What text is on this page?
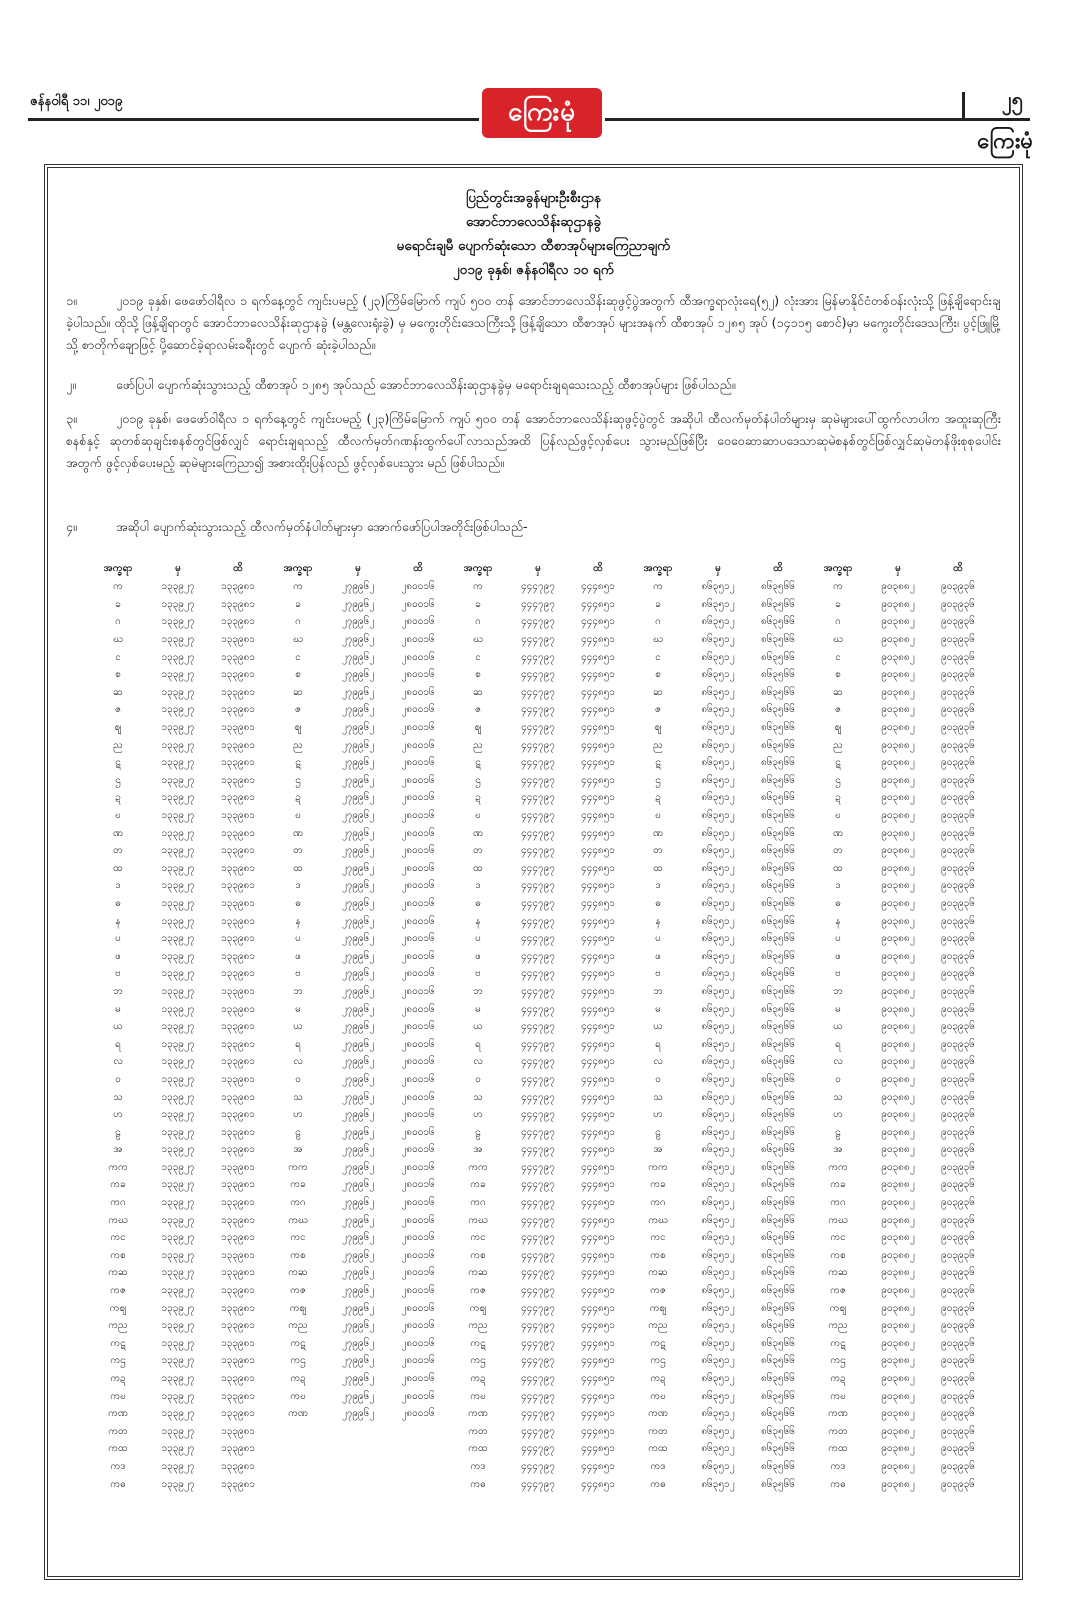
ဇန်နဝါရီ ၁၁၊ ၂၀၁၉	ကြေးမုံ	၂၅
ကြေးမုံ
ပြည်တွင်းအခွန်များဦးစီးဌာန
အောင်ဘာလေသိန်းဆုဌာနခွဲ
မရောင်းချမီ ပျောက်ဆုံးသော ထီစာအုပ်များကြေညာချက်
၂၀၁၉ ခုနှစ်၊ ဇန်နဝါရီလ ၁၀ ရက်
၁။	၂၀၁၉ ခုနှစ်၊ ဖေဖော်ဝါရီလ ၁ ရက်နေ့တွင် ကျင်းပမည့် (၂၃)ကြိမ်မြောက် ကျပ် ၅၀၀ တန် အောင်ဘာလေသိန်းဆုဖွင့်ပွဲအတွက် ထီအက္ခရာလုံးရေ(၅၂) လုံးအား မြန်မာနိုင်ငံတစ်ဝန်းလုံးသို့ ဖြန့်ချိရောင်းချခဲ့ပါသည်။ ထိုသို့ ဖြန့်ချိရာတွင် အောင်ဘာလေသိန်းဆုဌာနခွဲ (မန္တလေးရုံးခွဲ) မှ မကွေးတိုင်းဒေသကြီးသို့ ဖြန့်ချိသော ထီစာအုပ် များအနက် ထီစာအုပ် ၁၂၈၅ အုပ် (၁၄၁၁၅ စောင်)မှာ မကွေးတိုင်းဒေသကြီး၊ ပွင့်ဖြူမြို့သို့ စာတိုက်ချောဖြင့် ပို့ဆောင်ခဲ့ရာလမ်းခရီးတွင် ပျောက် ဆုံးခဲ့ပါသည်။
၂။	ဖော်ပြပါ ပျောက်ဆုံးသွားသည့် ထီစာအုပ် ၁၂၈၅ အုပ်သည် အောင်ဘာလေသိန်းဆုဌာနခွဲမှ မရောင်းချရသေးသည့် ထီစာအုပ်များ ဖြစ်ပါသည်။
၃။	၂၀၁၉ ခုနှစ်၊ ဖေဖော်ဝါရီလ ၁ ရက်နေ့တွင် ကျင်းပမည့် (၂၃)ကြိမ်မြောက် ကျပ် ၅၀၀ တန် အောင်ဘာလေသိန်းဆုဖွင့်ပွဲတွင် အဆိုပါ ထီလက်မှတ်နံပါတ်များမှ ဆုမဲများပေါ်ထွက်လာပါက အထူးဆုကြီးစနစ်နှင့် ဆုတစ်ဆုချင်းစနစ်တွင်ဖြစ်လျှင် ရောင်းချရသည့် ထီလက်မှတ်ဂဏန်းထွက်ပေါ်လာသည်အထိ ပြန်လည်ဖွင့်လှစ်ပေး သွားမည်ဖြစ်ပြီး ဝေဝေဆာဆာပဒေသာဆုမဲစနစ်တွင်ဖြစ်လျှင်ဆုမဲတန်ဖိုးစုစုပေါင်းအတွက် ဖွင့်လှစ်ပေးမည့် ဆုမဲများကြေညာ၍ အစားထိုးပြန်လည် ဖွင့်လှစ်ပေးသွား မည် ဖြစ်ပါသည်။
၄။	အဆိုပါ ပျောက်ဆုံးသွားသည့် ထီလက်မှတ်နံပါတ်များမှာ အောက်ဖော်ပြပါအတိုင်းဖြစ်ပါသည်-
အက္ခရာ	မှ	ထိ	အက္ခရာ	မှ	ထိ	အက္ခရာ	မှ	ထိ	အက္ခရာ	မှ	ထိ	အက္ခရာ	မှ	ထိ
က	၁၃၃၉၂၇	၁၃၃၉၈၁	က	၂၇၉၉၆၂	၂၈၀၀၁၆	က	၄၄၄၇၉၇	၄၄၄၈၅၁	က	၈၆၃၅၁၂	၈၆၃၅၆၆	က	၉၀၃၈၈၂	၉၀၃၉၃၆
ခ	၁၃၃၉၂၇	၁၃၃၉၈၁	ခ	၂၇၉၉၆၂	၂၈၀၀၁၆	ခ	၄၄၄၇၉၇	၄၄၄၈၅၁	ခ	၈၆၃၅၁၂	၈၆၃၅၆၆	ခ	၉၀၃၈၈၂	၉၀၃၉၃၆
ဂ	၁၃၃၉၂၇	၁၃၃၉၈၁	ဂ	၂၇၉၉၆၂	၂၈၀၀၁၆	ဂ	၄၄၄၇၉၇	၄၄၄၈၅၁	ဂ	၈၆၃၅၁၂	၈၆၃၅၆၆	ဂ	၉၀၃၈၈၂	၉၀၃၉၃၆
ဃ	၁၃၃၉၂၇	၁၃၃၉၈၁	ဃ	၂၇၉၉၆၂	၂၈၀၀၁၆	ဃ	၄၄၄၇၉၇	၄၄၄၈၅၁	ဃ	၈၆၃၅၁၂	၈၆၃၅၆၆	ဃ	၉၀၃၈၈၂	၉၀၃၉၃၆
င	၁၃၃၉၂၇	၁၃၃၉၈၁	င	၂၇၉၉၆၂	၂၈၀၀၁၆	င	၄၄၄၇၉၇	၄၄၄၈၅၁	င	၈၆၃၅၁၂	၈၆၃၅၆၆	င	၉၀၃၈၈၂	၉၀၃၉၃၆
စ	၁၃၃၉၂၇	၁၃၃၉၈၁	စ	၂၇၉၉၆၂	၂၈၀၀၁၆	စ	၄၄၄၇၉၇	၄၄၄၈၅၁	စ	၈၆၃၅၁၂	၈၆၃၅၆၆	စ	၉၀၃၈၈၂	၉၀၃၉၃၆
ဆ	၁၃၃၉၂၇	၁၃၃၉၈၁	ဆ	၂၇၉၉၆၂	၂၈၀၀၁၆	ဆ	၄၄၄၇၉၇	၄၄၄၈၅၁	ဆ	၈၆၃၅၁၂	၈၆၃၅၆၆	ဆ	၉၀၃၈၈၂	၉၀၃၉၃၆
ဇ	၁၃၃၉၂၇	၁၃၃၉၈၁	ဇ	၂၇၉၉၆၂	၂၈၀၀၁၆	ဇ	၄၄၄၇၉၇	၄၄၄၈၅၁	ဇ	၈၆၃၅၁၂	၈၆၃၅၆၆	ဇ	၉၀၃၈၈၂	၉၀၃၉၃၆
ဈ	၁၃၃၉၂၇	၁၃၃၉၈၁	ဈ	၂၇၉၉၆၂	၂၈၀၀၁၆	ဈ	၄၄၄၇၉၇	၄၄၄၈၅၁	ဈ	၈၆၃၅၁၂	၈၆၃၅၆၆	ဈ	၉၀၃၈၈၂	၉၀၃၉၃၆
ည	၁၃၃၉၂၇	၁၃၃၉၈၁	ည	၂၇၉၉၆၂	၂၈၀၀၁၆	ည	၄၄၄၇၉၇	၄၄၄၈၅၁	ည	၈၆၃၅၁၂	၈၆၃၅၆၆	ည	၉၀၃၈၈၂	၉၀၃၉၃၆
ဋ	၁၃၃၉၂၇	၁၃၃၉၈၁	ဋ	၂၇၉၉၆၂	၂၈၀၀၁၆	ဋ	၄၄၄၇၉၇	၄၄၄၈၅၁	ဋ	၈၆၃၅၁၂	၈၆၃၅၆၆	ဋ	၉၀၃၈၈၂	၉၀၃၉၃၆
ဌ	၁၃၃၉၂၇	၁၃၃၉၈၁	ဌ	၂၇၉၉၆၂	၂၈၀၀၁၆	ဌ	၄၄၄၇၉၇	၄၄၄၈၅၁	ဌ	၈၆၃၅၁၂	၈၆၃၅၆၆	ဌ	၉၀၃၈၈၂	၉၀၃၉၃၆
ဍ	၁၃၃၉၂၇	၁၃၃၉၈၁	ဍ	၂၇၉၉၆၂	၂၈၀၀၁၆	ဍ	၄၄၄၇၉၇	၄၄၄၈၅၁	ဍ	၈၆၃၅၁၂	၈၆၃၅၆၆	ဍ	၉၀၃၈၈၂	၉၀၃၉၃၆
ဎ	၁၃၃၉၂၇	၁၃၃၉၈၁	ဎ	၂၇၉၉၆၂	၂၈၀၀၁၆	ဎ	၄၄၄၇၉၇	၄၄၄၈၅၁	ဎ	၈၆၃၅၁၂	၈၆၃၅၆၆	ဎ	၉၀၃၈၈၂	၉၀၃၉၃၆
ဏ	၁၃၃၉၂၇	၁၃၃၉၈၁	ဏ	၂၇၉၉၆၂	၂၈၀၀၁၆	ဏ	၄၄၄၇၉၇	၄၄၄၈၅၁	ဏ	၈၆၃၅၁၂	၈၆၃၅၆၆	ဏ	၉၀၃၈၈၂	၉၀၃၉၃၆
တ	၁၃၃၉၂၇	၁၃၃၉၈၁	တ	၂၇၉၉၆၂	၂၈၀၀၁၆	တ	၄၄၄၇၉၇	၄၄၄၈၅၁	တ	၈၆၃၅၁၂	၈၆၃၅၆၆	တ	၉၀၃၈၈၂	၉၀၃၉၃၆
ထ	၁၃၃၉၂၇	၁၃၃၉၈၁	ထ	၂၇၉၉၆၂	၂၈၀၀၁၆	ထ	၄၄၄၇၉၇	၄၄၄၈၅၁	ထ	၈၆၃၅၁၂	၈၆၃၅၆၆	ထ	၉၀၃၈၈၂	၉၀၃၉၃၆
ဒ	၁၃၃၉၂၇	၁၃၃၉၈၁	ဒ	၂၇၉၉၆၂	၂၈၀၀၁၆	ဒ	၄၄၄၇၉၇	၄၄၄၈၅၁	ဒ	၈၆၃၅၁၂	၈၆၃၅၆၆	ဒ	၉၀၃၈၈၂	၉၀၃၉၃၆
ဓ	၁၃၃၉၂၇	၁၃၃၉၈၁	ဓ	၂၇၉၉၆၂	၂၈၀၀၁၆	ဓ	၄၄၄၇၉၇	၄၄၄၈၅၁	ဓ	၈၆၃၅၁၂	၈၆၃၅၆၆	ဓ	၉၀၃၈၈၂	၉၀၃၉၃၆
န	၁၃၃၉၂၇	၁၃၃၉၈၁	န	၂၇၉၉၆၂	၂၈၀၀၁၆	န	၄၄၄၇၉၇	၄၄၄၈၅၁	န	၈၆၃၅၁၂	၈၆၃၅၆၆	န	၉၀၃၈၈၂	၉၀၃၉၃၆
ပ	၁၃၃၉၂၇	၁၃၃၉၈၁	ပ	၂၇၉၉၆၂	၂၈၀၀၁၆	ပ	၄၄၄၇၉၇	၄၄၄၈၅၁	ပ	၈၆၃၅၁၂	၈၆၃၅၆၆	ပ	၉၀၃၈၈၂	၉၀၃၉၃၆
ဖ	၁၃၃၉၂၇	၁၃၃၉၈၁	ဖ	၂၇၉၉၆၂	၂၈၀၀၁၆	ဖ	၄၄၄၇၉၇	၄၄၄၈၅၁	ဖ	၈၆၃၅၁၂	၈၆၃၅၆၆	ဖ	၉၀၃၈၈၂	၉၀၃၉၃၆
ဗ	၁၃၃၉၂၇	၁၃၃၉၈၁	ဗ	၂၇၉၉၆၂	၂၈၀၀၁၆	ဗ	၄၄၄၇၉၇	၄၄၄၈၅၁	ဗ	၈၆၃၅၁၂	၈၆၃၅၆၆	ဗ	၉၀၃၈၈၂	၉၀၃၉၃၆
ဘ	၁၃၃၉၂၇	၁၃၃၉၈၁	ဘ	၂၇၉၉၆၂	၂၈၀၀၁၆	ဘ	၄၄၄၇၉၇	၄၄၄၈၅၁	ဘ	၈၆၃၅၁၂	၈၆၃၅၆၆	ဘ	၉၀၃၈၈၂	၉၀၃၉၃၆
မ	၁၃၃၉၂၇	၁၃၃၉၈၁	မ	၂၇၉၉၆၂	၂၈၀၀၁၆	မ	၄၄၄၇၉၇	၄၄၄၈၅၁	မ	၈၆၃၅၁၂	၈၆၃၅၆၆	မ	၉၀၃၈၈၂	၉၀၃၉၃၆
ယ	၁၃၃၉၂၇	၁၃၃၉၈၁	ယ	၂၇၉၉၆၂	၂၈၀၀၁၆	ယ	၄၄၄၇၉၇	၄၄၄၈၅၁	ယ	၈၆၃၅၁၂	၈၆၃၅၆၆	ယ	၉၀၃၈၈၂	၉၀၃၉၃၆
ရ	၁၃၃၉၂၇	၁၃၃၉၈၁	ရ	၂၇၉၉၆၂	၂၈၀၀၁၆	ရ	၄၄၄၇၉၇	၄၄၄၈၅၁	ရ	၈၆၃၅၁၂	၈၆၃၅၆၆	ရ	၉၀၃၈၈၂	၉၀၃၉၃၆
လ	၁၃၃၉၂၇	၁၃၃၉၈၁	လ	၂၇၉၉၆၂	၂၈၀၀၁၆	လ	၄၄၄၇၉၇	၄၄၄၈၅၁	လ	၈၆၃၅၁၂	၈၆၃၅၆၆	လ	၉၀၃၈၈၂	၉၀၃၉၃၆
ဝ	၁၃၃၉၂၇	၁၃၃၉၈၁	ဝ	၂၇၉၉၆၂	၂၈၀၀၁၆	ဝ	၄၄၄၇၉၇	၄၄၄၈၅၁	ဝ	၈၆၃၅၁၂	၈၆၃၅၆၆	ဝ	၉၀၃၈၈၂	၉၀၃၉၃၆
သ	၁၃၃၉၂၇	၁၃၃၉၈၁	သ	၂၇၉၉၆၂	၂၈၀၀၁၆	သ	၄၄၄၇၉၇	၄၄၄၈၅၁	သ	၈၆၃၅၁၂	၈၆၃၅၆၆	သ	၉၀၃၈၈၂	၉၀၃၉၃၆
ဟ	၁၃၃၉၂၇	၁၃၃၉၈၁	ဟ	၂၇၉၉၆၂	၂၈၀၀၁၆	ဟ	၄၄၄၇၉၇	၄၄၄၈၅၁	ဟ	၈၆၃၅၁၂	၈၆၃၅၆၆	ဟ	၉၀၃၈၈၂	၉၀၃၉၃၆
ဠ	၁၃၃၉၂၇	၁၃၃၉၈၁	ဠ	၂၇၉၉၆၂	၂၈၀၀၁၆	ဠ	၄၄၄၇၉၇	၄၄၄၈၅၁	ဠ	၈၆၃၅၁၂	၈၆၃၅၆၆	ဠ	၉၀၃၈၈၂	၉၀၃၉၃၆
အ	၁၃၃၉၂၇	၁၃၃၉၈၁	အ	၂၇၉၉၆၂	၂၈၀၀၁၆	အ	၄၄၄၇၉၇	၄၄၄၈၅၁	အ	၈၆၃၅၁၂	၈၆၃၅၆၆	အ	၉၀၃၈၈၂	၉၀၃၉၃၆
ကက	၁၃၃၉၂၇	၁၃၃၉၈၁	ကက	၂၇၉၉၆၂	၂၈၀၀၁၆	ကက	၄၄၄၇၉၇	၄၄၄၈၅၁	ကက	၈၆၃၅၁၂	၈၆၃၅၆၆	ကက	၉၀၃၈၈၂	၉၀၃၉၃၆
ကခ	၁၃၃၉၂၇	၁၃၃၉၈၁	ကခ	၂၇၉၉၆၂	၂၈၀၀၁၆	ကခ	၄၄၄၇၉၇	၄၄၄၈၅၁	ကခ	၈၆၃၅၁၂	၈၆၃၅၆၆	ကခ	၉၀၃၈၈၂	၉၀၃၉၃၆
ကဂ	၁၃၃၉၂၇	၁၃၃၉၈၁	ကဂ	၂၇၉၉၆၂	၂၈၀၀၁၆	ကဂ	၄၄၄၇၉၇	၄၄၄၈၅၁	ကဂ	၈၆၃၅၁၂	၈၆၃၅၆၆	ကဂ	၉၀၃၈၈၂	၉၀၃၉၃၆
ကဃ	၁၃၃၉၂၇	၁၃၃၉၈၁	ကဃ	၂၇၉၉၆၂	၂၈၀၀၁၆	ကဃ	၄၄၄၇၉၇	၄၄၄၈၅၁	ကဃ	၈၆၃၅၁၂	၈၆၃၅၆၆	ကဃ	၉၀၃၈၈၂	၉၀၃၉၃၆
ကင	၁၃၃၉၂၇	၁၃၃၉၈၁	ကင	၂၇၉၉၆၂	၂၈၀၀၁၆	ကင	၄၄၄၇၉၇	၄၄၄၈၅၁	ကင	၈၆၃၅၁၂	၈၆၃၅၆၆	ကင	၉၀၃၈၈၂	၉၀၃၉၃၆
ကစ	၁၃၃၉၂၇	၁၃၃၉၈၁	ကစ	၂၇၉၉၆၂	၂၈၀၀၁၆	ကစ	၄၄၄၇၉၇	၄၄၄၈၅၁	ကစ	၈၆၃၅၁၂	၈၆၃၅၆၆	ကစ	၉၀၃၈၈၂	၉၀၃၉၃၆
ကဆ	၁၃၃၉၂၇	၁၃၃၉၈၁	ကဆ	၂၇၉၉၆၂	၂၈၀၀၁၆	ကဆ	၄၄၄၇၉၇	၄၄၄၈၅၁	ကဆ	၈၆၃၅၁၂	၈၆၃၅၆၆	ကဆ	၉၀၃၈၈၂	၉၀၃၉၃၆
ကဇ	၁၃၃၉၂၇	၁၃၃၉၈၁	ကဇ	၂၇၉၉၆၂	၂၈၀၀၁၆	ကဇ	၄၄၄၇၉၇	၄၄၄၈၅၁	ကဇ	၈၆၃၅၁၂	၈၆၃၅၆၆	ကဇ	၉၀၃၈၈၂	၉၀၃၉၃၆
ကဈ	၁၃၃၉၂၇	၁၃၃၉၈၁	ကဈ	၂၇၉၉၆၂	၂၈၀၀၁၆	ကဈ	၄၄၄၇၉၇	၄၄၄၈၅၁	ကဈ	၈၆၃၅၁၂	၈၆၃၅၆၆	ကဈ	၉၀၃၈၈၂	၉၀၃၉၃၆
ကည	၁၃၃၉၂၇	၁၃၃၉၈၁	ကည	၂၇၉၉၆၂	၂၈၀၀၁၆	ကည	၄၄၄၇၉၇	၄၄၄၈၅၁	ကည	၈၆၃၅၁၂	၈၆၃၅၆၆	ကည	၉၀၃၈၈၂	၉၀၃၉၃၆
ကဋ	၁၃၃၉၂၇	၁၃၃၉၈၁	ကဋ	၂၇၉၉၆၂	၂၈၀၀၁၆	ကဋ	၄၄၄၇၉၇	၄၄၄၈၅၁	ကဋ	၈၆၃၅၁၂	၈၆၃၅၆၆	ကဋ	၉၀၃၈၈၂	၉၀၃၉၃၆
ကဌ	၁၃၃၉၂၇	၁၃၃၉၈၁	ကဌ	၂၇၉၉၆၂	၂၈၀၀၁၆	ကဌ	၄၄၄၇၉၇	၄၄၄၈၅၁	ကဌ	၈၆၃၅၁၂	၈၆၃၅၆၆	ကဌ	၉၀၃၈၈၂	၉၀၃၉၃၆
ကဍ	၁၃၃၉၂၇	၁၃၃၉၈၁	ကဍ	၂၇၉၉၆၂	၂၈၀၀၁၆	ကဍ	၄၄၄၇၉၇	၄၄၄၈၅၁	ကဍ	၈၆၃၅၁၂	၈၆၃၅၆၆	ကဍ	၉၀၃၈၈၂	၉၀၃၉၃၆
ကဎ	၁၃၃၉၂၇	၁၃၃၉၈၁	ကဎ	၂၇၉၉၆၂	၂၈၀၀၁၆	ကဎ	၄၄၄၇၉၇	၄၄၄၈၅၁	ကဎ	၈၆၃၅၁၂	၈၆၃၅၆၆	ကဎ	၉၀၃၈၈၂	၉၀၃၉၃၆
ကဏ	၁၃၃၉၂၇	၁၃၃၉၈၁	ကဏ	၂၇၉၉၆၂	၂၈၀၀၁၆	ကဏ	၄၄၄၇၉၇	၄၄၄၈၅၁	ကဏ	၈၆၃၅၁၂	၈၆၃၅၆၆	ကဏ	၉၀၃၈၈၂	၉၀၃၉၃၆
ကတ	၁၃၃၉၂၇	၁၃၃၉၈၁				ကတ	၄၄၄၇၉၇	၄၄၄၈၅၁	ကတ	၈၆၃၅၁၂	၈၆၃၅၆၆	ကတ	၉၀၃၈၈၂	၉၀၃၉၃၆
ကထ	၁၃၃၉၂၇	၁၃၃၉၈၁				ကထ	၄၄၄၇၉၇	၄၄၄၈၅၁	ကထ	၈၆၃၅၁၂	၈၆၃၅၆၆	ကထ	၉၀၃၈၈၂	၉၀၃၉၃၆
ကဒ	၁၃၃၉၂၇	၁၃၃၉၈၁				ကဒ	၄၄၄၇၉၇	၄၄၄၈၅၁	ကဒ	၈၆၃၅၁၂	၈၆၃၅၆၆	ကဒ	၉၀၃၈၈၂	၉၀၃၉၃၆
ကဓ	၁၃၃၉၂၇	၁၃၃၉၈၁				ကဓ	၄၄၄၇၉၇	၄၄၄၈၅၁	ကဓ	၈၆၃၅၁၂	၈၆၃၅၆၆	ကဓ	၉၀၃၈၈၂	၉၀၃၉၃၆
